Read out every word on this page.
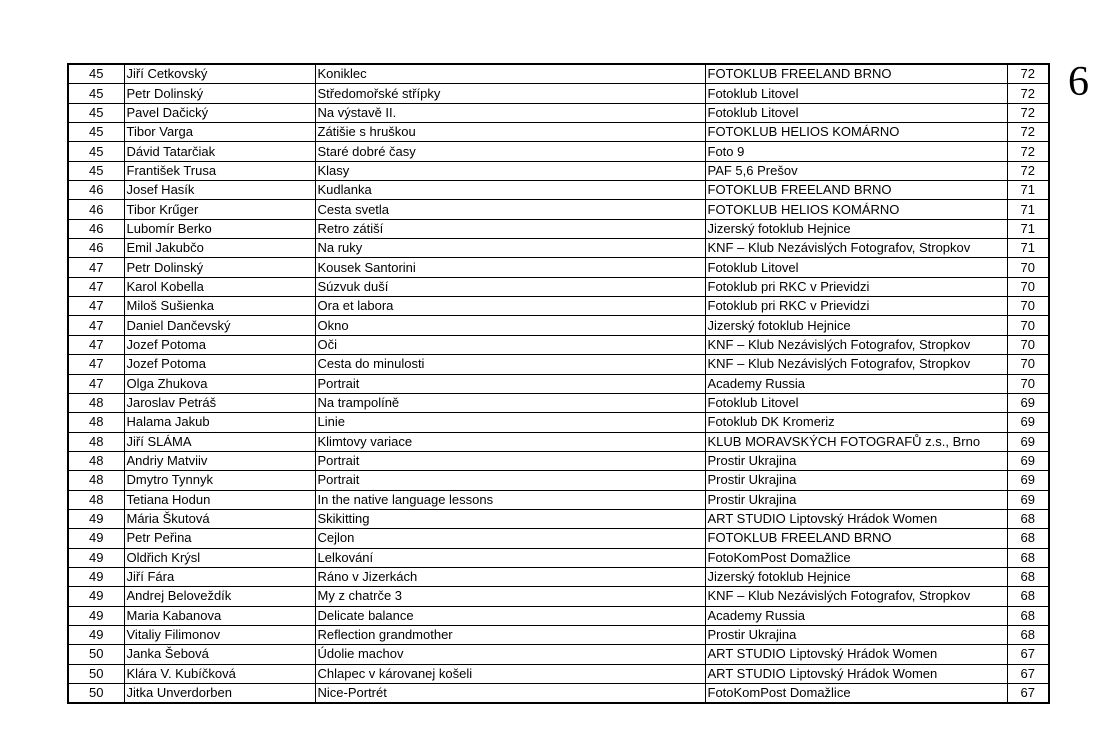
6
45	Jiří Cetkovský	Koniklec	FOTOKLUB FREELAND BRNO	72
45	Petr Dolinský	Středomořské střípky	Fotoklub Litovel	72
45	Pavel Dačický	Na výstavě II.	Fotoklub Litovel	72
45	Tibor Varga	Zátišie s hruškou	FOTOKLUB HELIOS KOMÁRNO	72
45	Dávid Tatarčiak	Staré dobré časy	Foto 9	72
45	František Trusa	Klasy	PAF 5,6 Prešov	72
46	Josef Hasík	Kudlanka	FOTOKLUB FREELAND BRNO	71
46	Tibor Krűger	Cesta svetla	FOTOKLUB HELIOS KOMÁRNO	71
46	Lubomír Berko	Retro zátiší	Jizerský fotoklub Hejnice	71
46	Emil Jakubčo	Na ruky	KNF – Klub Nezávislých Fotografov, Stropkov	71
47	Petr Dolinský	Kousek Santorini	Fotoklub Litovel	70
47	Karol Kobella	Súzvuk duší	Fotoklub pri RKC v Prievidzi	70
47	Miloš Sušienka	Ora et labora	Fotoklub pri RKC v Prievidzi	70
47	Daniel Dančevský	Okno	Jizerský fotoklub Hejnice	70
47	Jozef Potoma	Oči	KNF – Klub Nezávislých Fotografov, Stropkov	70
47	Jozef Potoma	Cesta do minulosti	KNF – Klub Nezávislých Fotografov, Stropkov	70
47	Olga Zhukova	Portrait	Academy Russia	70
48	Jaroslav Petráš	Na trampolíně	Fotoklub Litovel	69
48	Halama Jakub	Linie	Fotoklub DK Kromeriz	69
48	Jiří SLÁMA	Klimtovy variace	KLUB MORAVSKÝCH FOTOGRAFŮ z.s., Brno	69
48	Andriy Matviiv	Portrait	Prostir Ukrajina	69
48	Dmytro Tynnyk	Portrait	Prostir Ukrajina	69
48	Tetiana Hodun	In the native language lessons	Prostir Ukrajina	69
49	Mária Škutová	Skikitting	ART STUDIO Liptovský Hrádok Women	68
49	Petr Peřina	Cejlon	FOTOKLUB FREELAND BRNO	68
49	Oldřich Krýsl	Lelkování	FotoKomPost Domažlice	68
49	Jiří Fára	Ráno v Jizerkách	Jizerský fotoklub Hejnice	68
49	Andrej Beloveždík	My z chatrče 3	KNF – Klub Nezávislých Fotografov, Stropkov	68
49	Maria Kabanova	Delicate balance	Academy Russia	68
49	Vitaliy Filimonov	Reflection grandmother	Prostir Ukrajina	68
50	Janka Šebová	Údolie machov	ART STUDIO Liptovský Hrádok Women	67
50	Klára V. Kubíčková	Chlapec v károvanej košeli	ART STUDIO Liptovský Hrádok Women	67
50	Jitka Unverdorben	Nice-Portrét	FotoKomPost Domažlice	67
